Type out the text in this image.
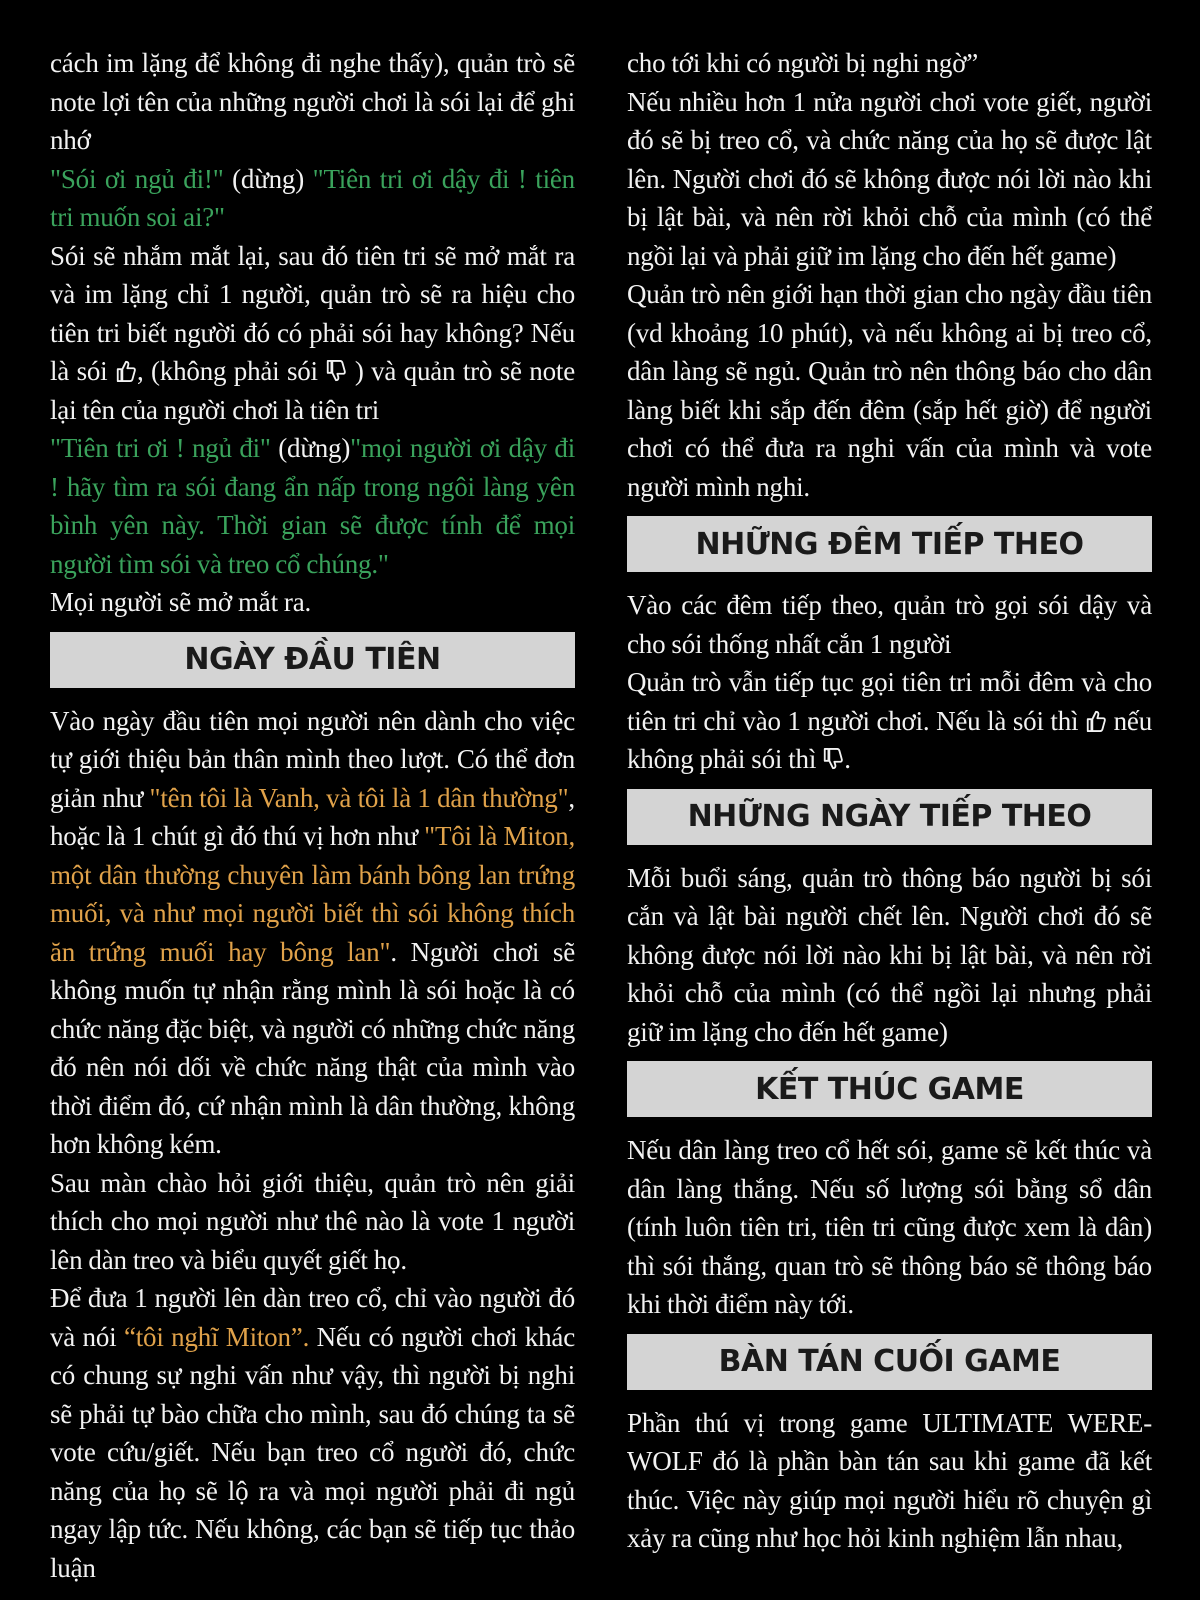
cách im lặng để không đi nghe thấy), quản trò sẽ note lợi tên của những người chơi là sói lại để ghi nhớ

"Sói ơi ngủ đi!" (dừng) "Tiên tri ơi dậy đi ! tiên tri muốn soi ai?"

Sói sẽ nhắm mắt lại, sau đó tiên tri sẽ mở mắt ra và im lặng chỉ 1 người, quản trò sẽ ra hiệu cho tiên tri biết người đó có phải sói hay không? Nếu là sói
, (không phải sói
) và quản trò sẽ note lại tên của người chơi là tiên tri

"Tiên tri ơi ! ngủ đi" (dừng)"mọi người ơi dậy đi ! hãy tìm ra sói đang ẩn nấp trong ngôi làng yên bình yên này. Thời gian sẽ được tính để mọi người tìm sói và treo cổ chúng."

Mọi người sẽ mở mắt ra.

NGÀY ĐẦU TIÊN

Vào ngày đầu tiên mọi người nên dành cho việc tự giới thiệu bản thân mình theo lượt. Có thể đơn giản như "tên tôi là Vanh, và tôi là 1 dân thường", hoặc là 1 chút gì đó thú vị hơn như "Tôi là Miton, một dân thường chuyên làm bánh bông lan trứng muối, và như mọi người biết thì sói không thích ăn trứng muối hay bông lan". Người chơi sẽ không muốn tự nhận rằng mình là sói hoặc là có chức năng đặc biệt, và người có những chức năng đó nên nói dối về chức năng thật của mình vào thời điểm đó, cứ nhận mình là dân thường, không hơn không kém.

Sau màn chào hỏi giới thiệu, quản trò nên giải thích cho mọi người như thê nào là vote 1 người lên dàn treo và biểu quyết giết họ.

Để đưa 1 người lên dàn treo cổ, chỉ vào người đó và nói “tôi nghĩ Miton”. Nếu có người chơi khác có chung sự nghi vấn như vậy, thì người bị nghi sẽ phải tự bào chữa cho mình, sau đó chúng ta sẽ vote cứu/giết. Nếu bạn treo cổ người đó, chức năng của họ sẽ lộ ra và mọi người phải đi ngủ ngay lập tức. Nếu không, các bạn sẽ tiếp tục thảo luận

cho tới khi có người bị nghi ngờ”

Nếu nhiều hơn 1 nửa người chơi vote giết, người đó sẽ bị treo cổ, và chức năng của họ sẽ được lật lên. Người chơi đó sẽ không được nói lời nào khi bị lật bài, và nên rời khỏi chỗ của mình (có thể ngồi lại và phải giữ im lặng cho đến hết game)

Quản trò nên giới hạn thời gian cho ngày đầu tiên (vd khoảng 10 phút), và nếu không ai bị treo cổ, dân làng sẽ ngủ. Quản trò nên thông báo cho dân làng biết khi sắp đến đêm (sắp hết giờ) để người chơi có thể đưa ra nghi vấn của mình và vote người mình nghi.

NHỮNG ĐÊM TIẾP THEO

Vào các đêm tiếp theo, quản trò gọi sói dậy và cho sói thống nhất cắn 1 người

Quản trò vẫn tiếp tục gọi tiên tri mỗi đêm và cho tiên tri chỉ vào 1 người chơi. Nếu là sói thì
nếu không phải sói thì
.

NHỮNG NGÀY TIẾP THEO

Mỗi buổi sáng, quản trò thông báo người bị sói cắn và lật bài người chết lên. Người chơi đó sẽ không được nói lời nào khi bị lật bài, và nên rời khỏi chỗ của mình (có thể ngồi lại nhưng phải giữ im lặng cho đến hết game)

KẾT THÚC GAME

Nếu dân làng treo cổ hết sói, game sẽ kết thúc và dân làng thắng. Nếu số lượng sói bằng sổ dân (tính luôn tiên tri, tiên tri cũng được xem là dân) thì sói thắng, quan trò sẽ thông báo sẽ thông báo khi thời điểm này tới.

BÀN TÁN CUỐI GAME

Phần thú vị trong game ULTIMATE WERE-WOLF đó là phần bàn tán sau khi game đã kết thúc. Việc này giúp mọi người hiểu rõ chuyện gì xảy ra cũng như học hỏi kinh nghiệm lẫn nhau,
